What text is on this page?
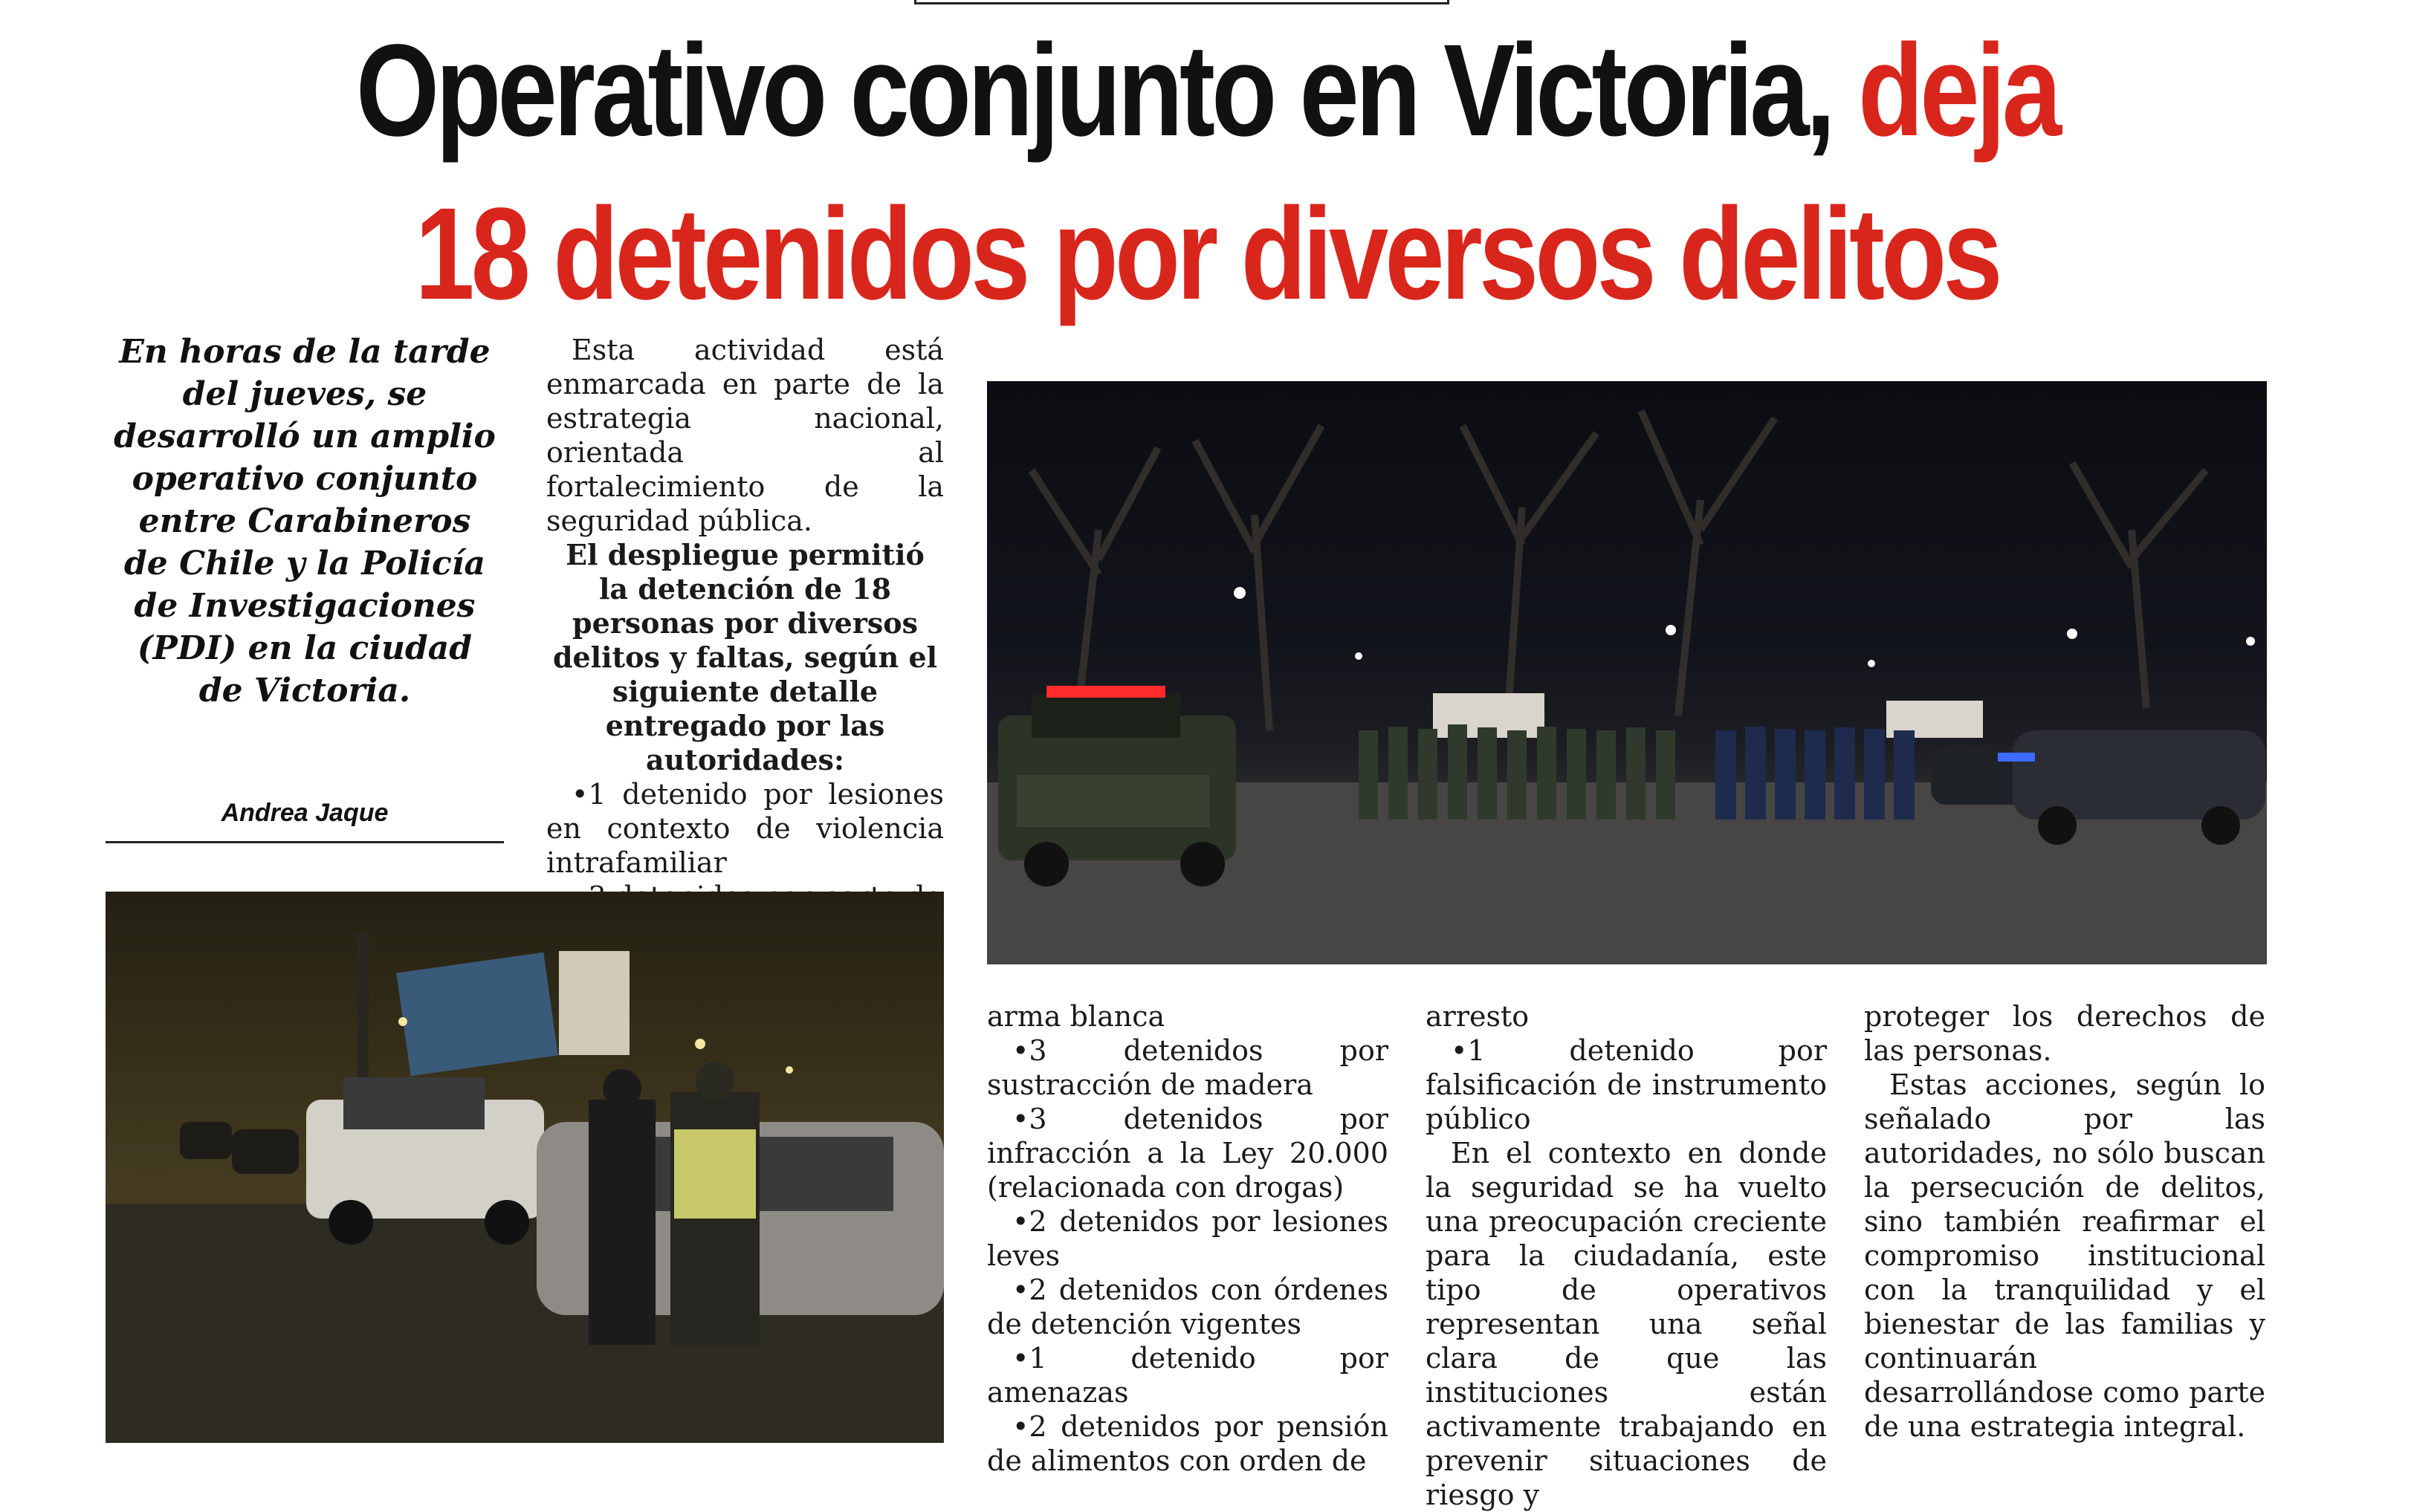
Operativo conjunto en Victoria, deja
18 detenidos por diversos delitos
En horas de la tarde del jueves, se desarrolló un amplio operativo conjunto entre Carabineros de Chile y la Policía de Investigaciones (PDI) en la ciudad de Victoria.
Andrea Jaque

Esta actividad está enmarcada en parte de la estrategia nacional, orientada al fortalecimiento de la seguridad pública.

El despliegue permitió la detención de 18 personas por diversos delitos y faltas, según el siguiente detalle entregado por las autoridades:

•1 detenido por lesiones en contexto de violencia intrafamiliar

arma blanca

•3 detenidos por sustracción de madera

•3 detenidos por infracción a la Ley 20.000 (relacionada con drogas)

•2 detenidos por lesiones leves

•2 detenidos con órdenes de detención vigentes

•1 detenido por amenazas

•2 detenidos por pensión de alimentos con orden de

arresto

•1 detenido por falsificación de instrumento público

En el contexto en donde la seguridad se ha vuelto una preocupación creciente para la ciudadanía, este tipo de operativos representan una señal clara de que las instituciones están activamente trabajando en prevenir situaciones de riesgo y

proteger los derechos de las personas.

Estas acciones, según lo señalado por las autoridades, no sólo buscan la persecución de delitos, sino también reafirmar el compromiso institucional con la tranquilidad y el bienestar de las familias y continuarán desarrollándose como parte de una estrategia integral.
